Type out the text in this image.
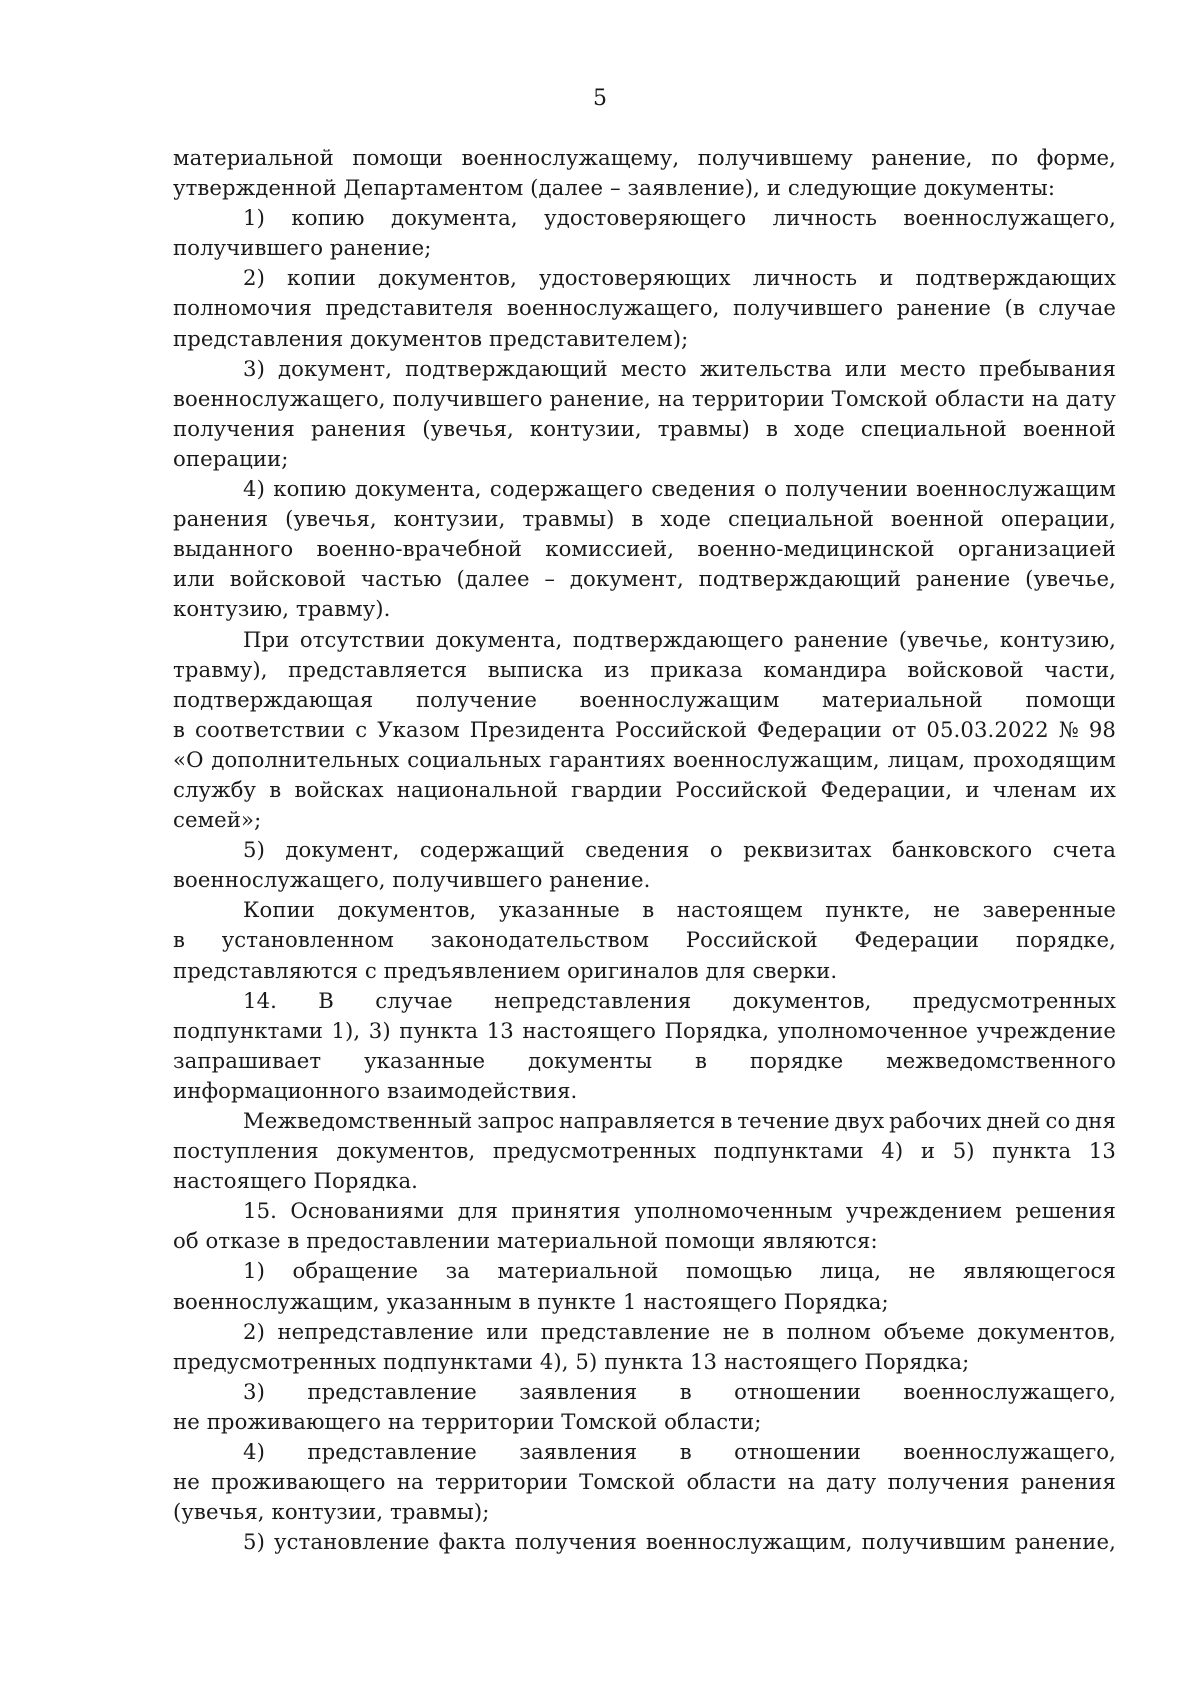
5
материальной помощи военнослужащему, получившему ранение, по форме,
утвержденной Департаментом (далее – заявление), и следующие документы:
1) копию документа, удостоверяющего личность военнослужащего,
получившего ранение;
2) копии документов, удостоверяющих личность и подтверждающих
полномочия представителя военнослужащего, получившего ранение (в случае
представления документов представителем);
3) документ, подтверждающий место жительства или место пребывания
военнослужащего, получившего ранение, на территории Томской области на дату
получения ранения (увечья, контузии, травмы) в ходе специальной военной
операции;
4) копию документа, содержащего сведения о получении военнослужащим
ранения (увечья, контузии, травмы) в ходе специальной военной операции,
выданного военно-врачебной комиссией, военно-медицинской организацией
или войсковой частью (далее – документ, подтверждающий ранение (увечье,
контузию, травму).
При отсутствии документа, подтверждающего ранение (увечье, контузию,
травму), представляется выписка из приказа командира войсковой части,
подтверждающая получение военнослужащим материальной помощи
в соответствии с Указом Президента Российской Федерации от 05.03.2022 № 98
«О дополнительных социальных гарантиях военнослужащим, лицам, проходящим
службу в войсках национальной гвардии Российской Федерации, и членам их
семей»;
5) документ, содержащий сведения о реквизитах банковского счета
военнослужащего, получившего ранение.
Копии документов, указанные в настоящем пункте, не заверенные
в установленном законодательством Российской Федерации порядке,
представляются с предъявлением оригиналов для сверки.
14. В случае непредставления документов, предусмотренных
подпунктами 1), 3) пункта 13 настоящего Порядка, уполномоченное учреждение
запрашивает указанные документы в порядке межведомственного
информационного взаимодействия.
Межведомственный запрос направляется в течение двух рабочих дней со дня
поступления документов, предусмотренных подпунктами 4) и 5) пункта 13
настоящего Порядка.
15. Основаниями для принятия уполномоченным учреждением решения
об отказе в предоставлении материальной помощи являются:
1) обращение за материальной помощью лица, не являющегося
военнослужащим, указанным в пункте 1 настоящего Порядка;
2) непредставление или представление не в полном объеме документов,
предусмотренных подпунктами 4), 5) пункта 13 настоящего Порядка;
3) представление заявления в отношении военнослужащего,
не проживающего на территории Томской области;
4) представление заявления в отношении военнослужащего,
не проживающего на территории Томской области на дату получения ранения
(увечья, контузии, травмы);
5) установление факта получения военнослужащим, получившим ранение,
